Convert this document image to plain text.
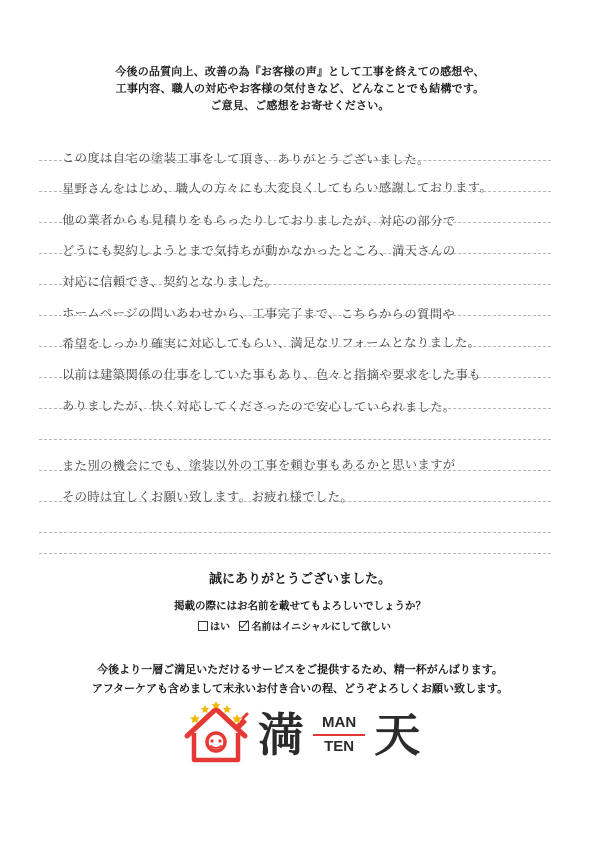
今後の品質向上、改善の為『お客様の声』として工事を終えての感想や、
工事内容、職人の対応やお客様の気付きなど、どんなことでも結構です。
ご意見、ご感想をお寄せください。
この度は自宅の塗装工事をして頂き、ありがとうございました。
星野さんをはじめ、職人の方々にも大変良くしてもらい感謝しております。
他の業者からも見積りをもらったりしておりましたが、対応の部分で
どうにも契約しようとまで気持ちが動かなかったところ、満天さんの
対応に信頼でき、契約となりました。
ホームページの問いあわせから、工事完了まで、こちらからの質問や
希望をしっかり確実に対応してもらい、満足なリフォームとなりました。
以前は建築関係の仕事をしていた事もあり、色々と指摘や要求をした事も
ありましたが、快く対応してくださったので安心していられました。
また別の機会にでも、塗装以外の工事を頼む事もあるかと思いますが
その時は宜しくお願い致します。お疲れ様でした。
誠にありがとうございました。
掲載の際にはお名前を載せてもよろしいでしょうか？
はい 名前はイニシャルにして欲しい
今後より一層ご満足いただけるサービスをご提供するため、精一杯がんばります。
アフターケアも含めまして末永いお付き合いの程、どうぞよろしくお願い致します。
満	MAN
TEN 天
